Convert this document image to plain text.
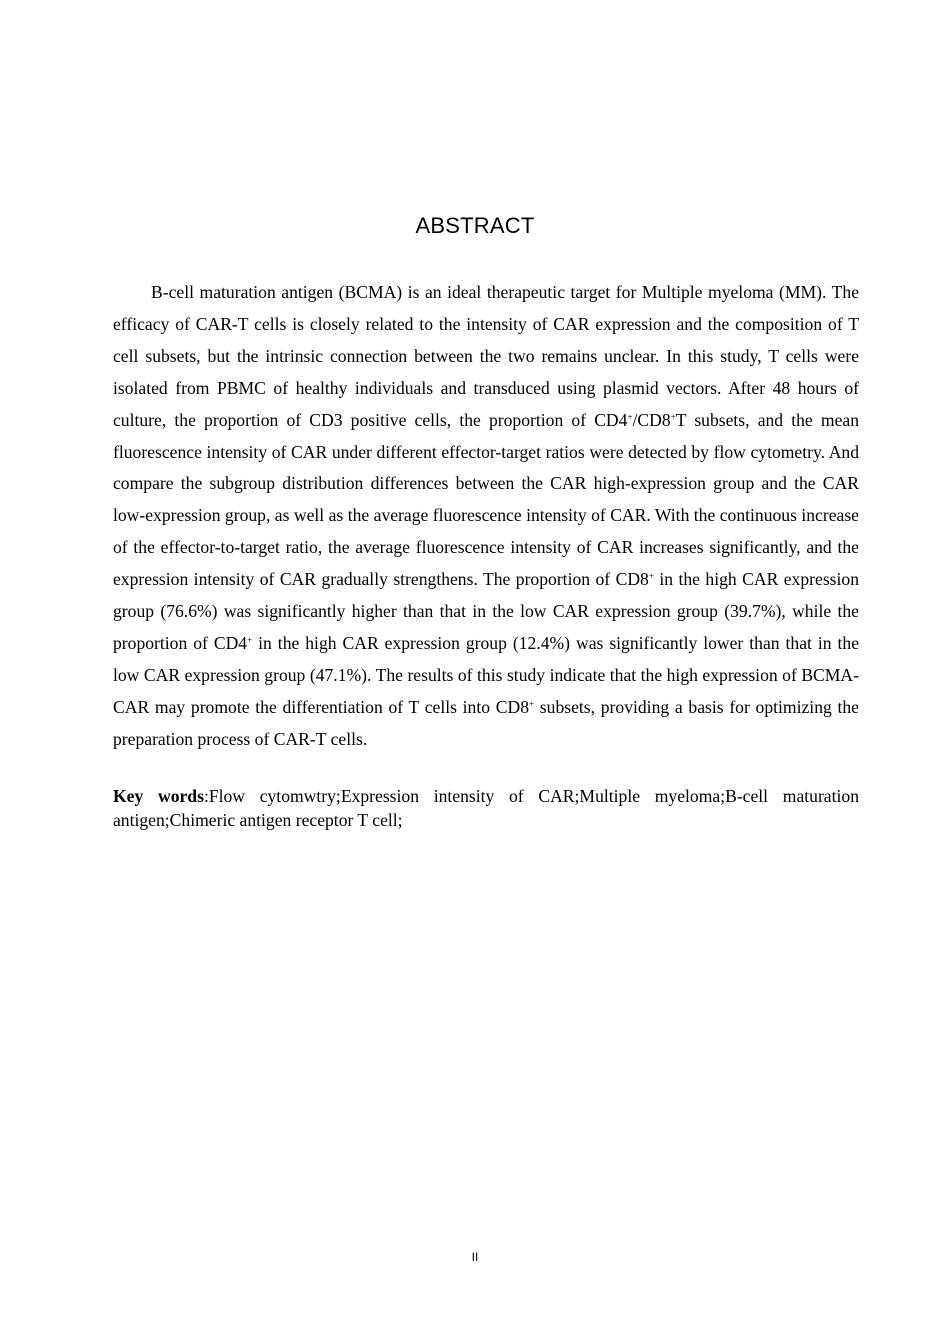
ABSTRACT

B-cell maturation antigen (BCMA) is an ideal therapeutic target for Multiple myeloma (MM). The efficacy of CAR-T cells is closely related to the intensity of CAR expression and the composition of T cell subsets, but the intrinsic connection between the two remains unclear. In this study, T cells were isolated from PBMC of healthy individuals and transduced using plasmid vectors. After 48 hours of culture, the proportion of CD3 positive cells, the proportion of CD4+/CD8+T subsets, and the mean fluorescence intensity of CAR under different effector-target ratios were detected by flow cytometry. And compare the subgroup distribution differences between the CAR high-expression group and the CAR low-expression group, as well as the average fluorescence intensity of CAR. With the continuous increase of the effector-to-target ratio, the average fluorescence intensity of CAR increases significantly, and the expression intensity of CAR gradually strengthens. The proportion of CD8+ in the high CAR expression group (76.6%) was significantly higher than that in the low CAR expression group (39.7%), while the proportion of CD4+ in the high CAR expression group (12.4%) was significantly lower than that in the low CAR expression group (47.1%). The results of this study indicate that the high expression of BCMA-CAR may promote the differentiation of T cells into CD8+ subsets, providing a basis for optimizing the preparation process of CAR-T cells.

Key words:Flow cytomwtry;Expression intensity of CAR;Multiple myeloma;B-cell maturation antigen;Chimeric antigen receptor T cell;

II
